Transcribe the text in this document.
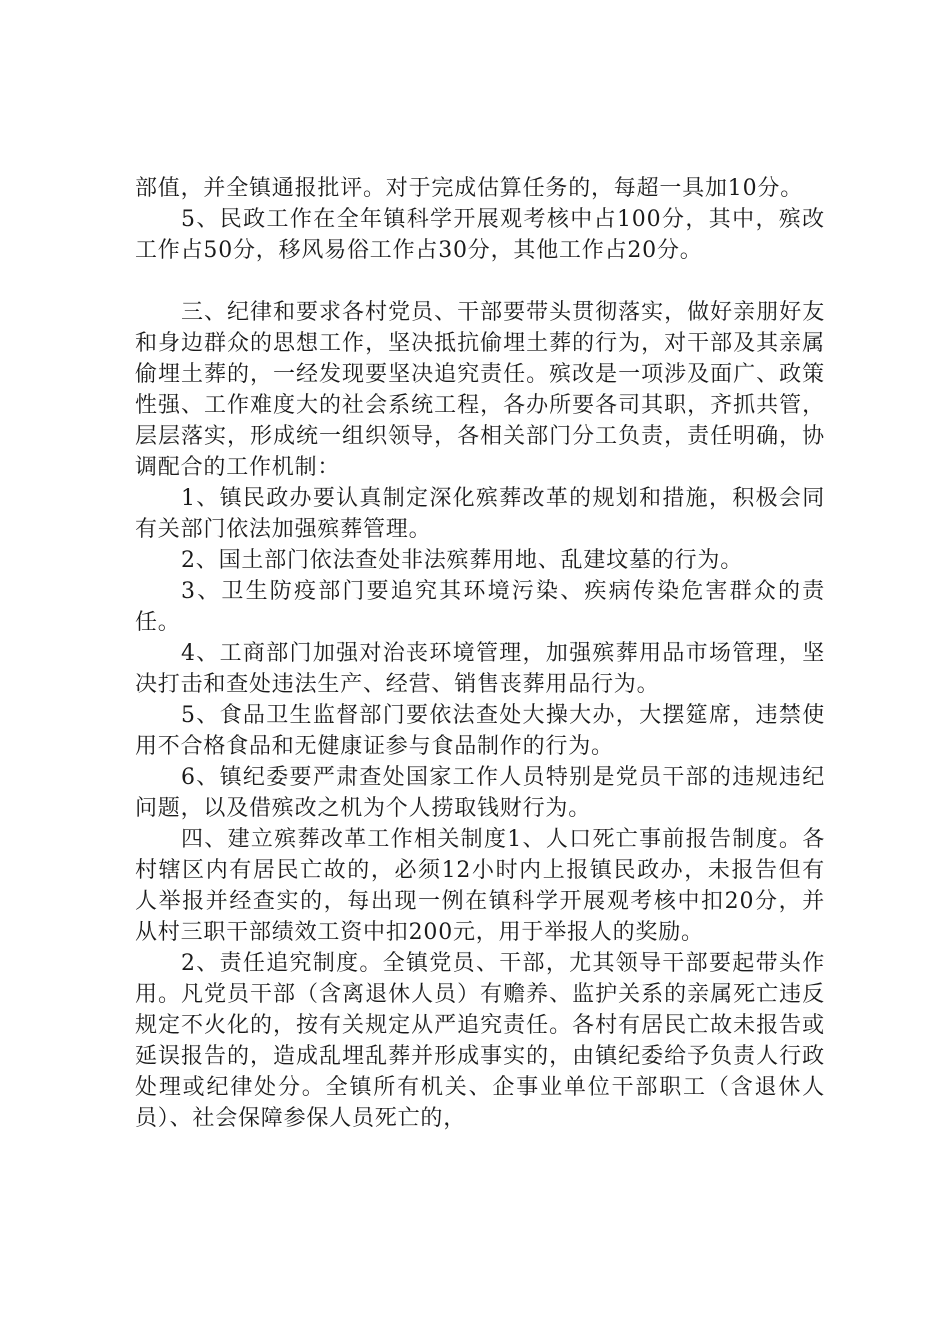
部值，并全镇通报批评。对于完成估算任务的，每超一具加10分。

5、民政工作在全年镇科学开展观考核中占100分，其中，殡改工作占50分，移风易俗工作占30分，其他工作占20分。

三、纪律和要求各村党员、干部要带头贯彻落实，做好亲朋好友和身边群众的思想工作，坚决抵抗偷埋土葬的行为，对干部及其亲属偷埋土葬的，一经发现要坚决追究责任。殡改是一项涉及面广、政策性强、工作难度大的社会系统工程，各办所要各司其职，齐抓共管，层层落实，形成统一组织领导，各相关部门分工负责，责任明确，协调配合的工作机制：

1、镇民政办要认真制定深化殡葬改革的规划和措施，积极会同有关部门依法加强殡葬管理。

2、国土部门依法查处非法殡葬用地、乱建坟墓的行为。

3、卫生防疫部门要追究其环境污染、疾病传染危害群众的责任。

4、工商部门加强对治丧环境管理，加强殡葬用品市场管理，坚决打击和查处违法生产、经营、销售丧葬用品行为。

5、食品卫生监督部门要依法查处大操大办，大摆筵席，违禁使用不合格食品和无健康证参与食品制作的行为。

6、镇纪委要严肃查处国家工作人员特别是党员干部的违规违纪问题，以及借殡改之机为个人捞取钱财行为。

四、建立殡葬改革工作相关制度1、人口死亡事前报告制度。各村辖区内有居民亡故的，必须12小时内上报镇民政办，未报告但有人举报并经查实的，每出现一例在镇科学开展观考核中扣20分，并从村三职干部绩效工资中扣200元，用于举报人的奖励。

2、责任追究制度。全镇党员、干部，尤其领导干部要起带头作用。凡党员干部（含离退休人员）有赡养、监护关系的亲属死亡违反规定不火化的，按有关规定从严追究责任。各村有居民亡故未报告或延误报告的，造成乱埋乱葬并形成事实的，由镇纪委给予负责人行政处理或纪律处分。全镇所有机关、企事业单位干部职工（含退休人员）、社会保障参保人员死亡的，
